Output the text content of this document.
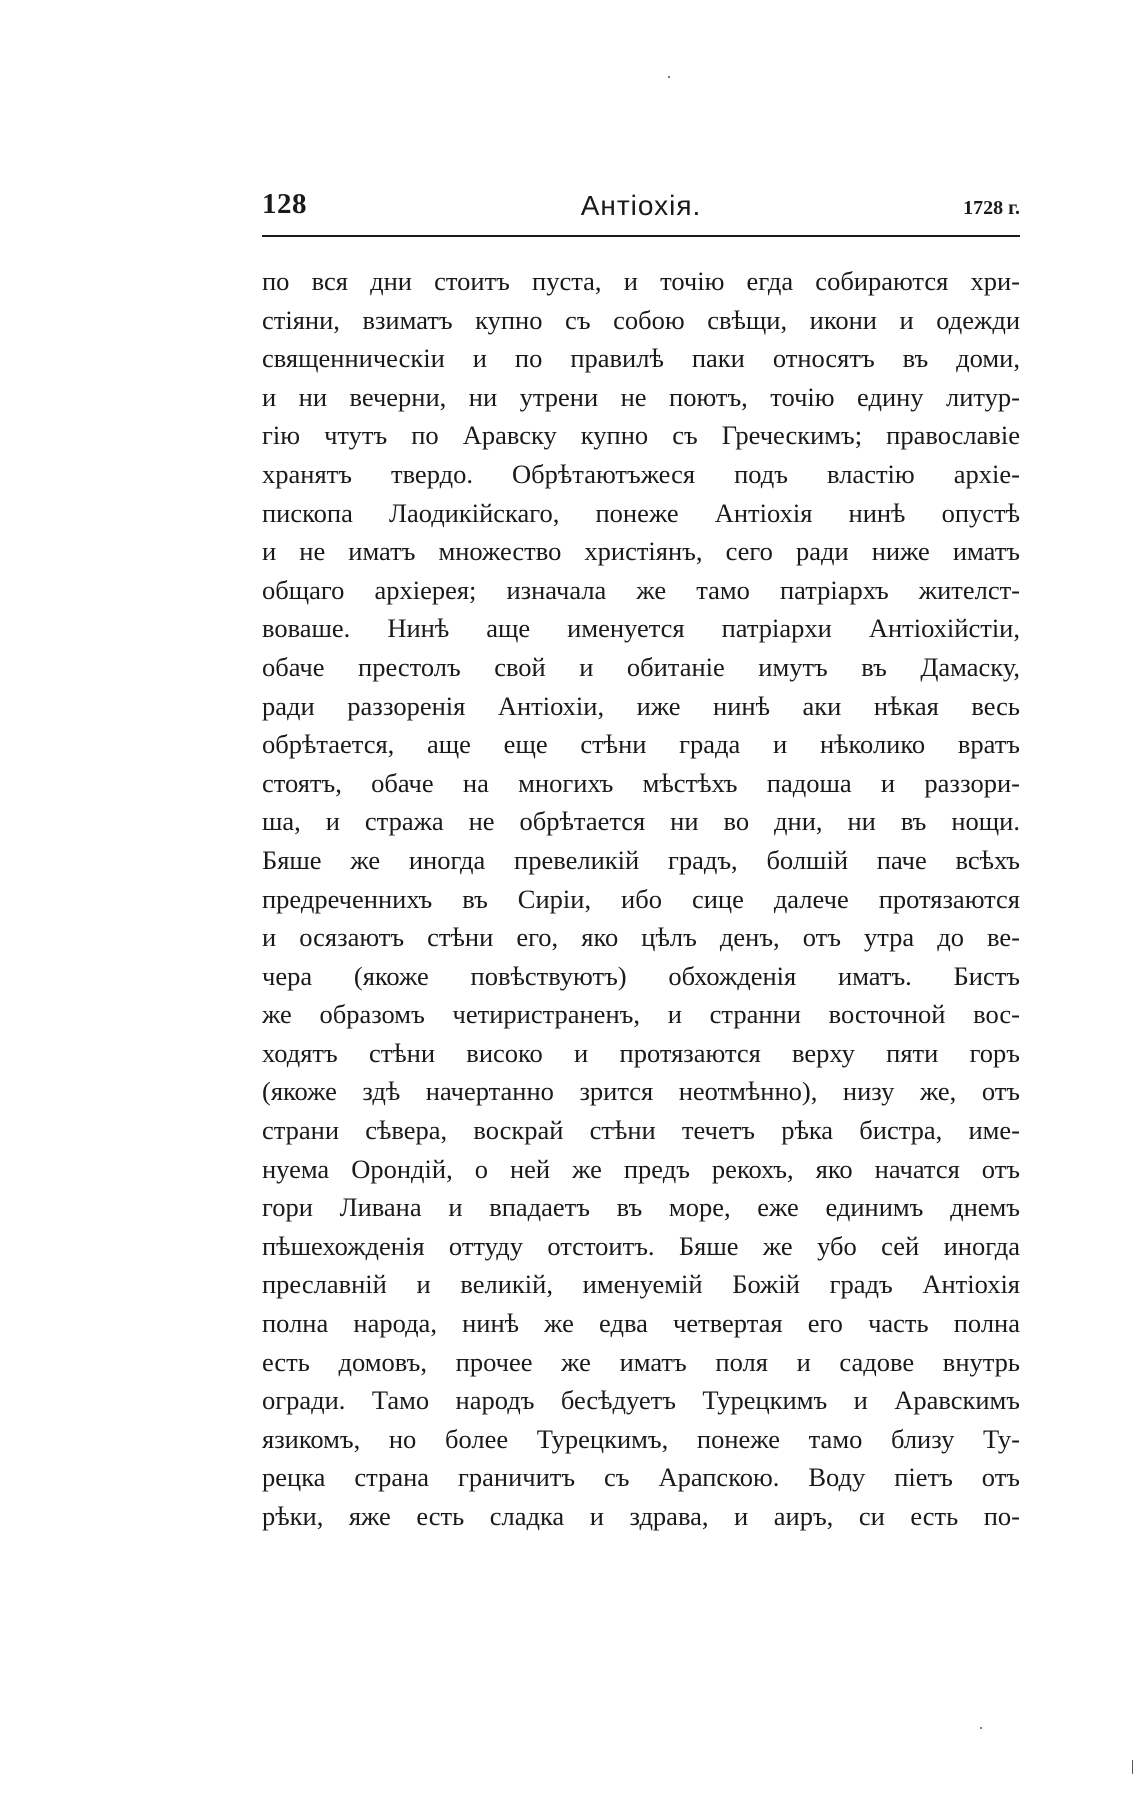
128	Антіохія.	1728 г.
по вся дни стоитъ пуста, и точію егда собираются хри-
стіяни, взиматъ купно съ собою свѣщи, икони и одежди
священническіи и по правилѣ паки относятъ въ доми,
и ни вечерни, ни утрени не поютъ, точію едину литур-
гію чтутъ по Аравску купно съ Греческимъ; православіе
хранятъ твердо. Обрѣтаютъжеся подъ властію архіе-
пископа Лаодикійскаго, понеже Антіохія нинѣ опустѣ
и не иматъ множество христіянъ, сего ради ниже иматъ
общаго архіерея; изначала же тамо патріархъ жителст-
воваше. Нинѣ аще именуется патріархи Антіохійстіи,
обаче престолъ свой и обитаніе имутъ въ Дамаску,
ради раззоренія Антіохіи, иже нинѣ аки нѣкая весь
обрѣтается, аще еще стѣни града и нѣколико вратъ
стоятъ, обаче на многихъ мѣстѣхъ падоша и раззори-
ша, и стража не обрѣтается ни во дни, ни въ нощи.
Бяше же иногда превеликій градъ, болшій паче всѣхъ
предреченнихъ въ Сиріи, ибо сице далече протязаются
и осязаютъ стѣни его, яко цѣлъ денъ, отъ утра до ве-
чера (якоже повѣствуютъ) обхожденія иматъ. Бистъ
же образомъ четиристраненъ, и странни восточной вос-
ходятъ стѣни високо и протязаются верху пяти горъ
(якоже здѣ начертанно зрится неотмѣнно), низу же, отъ
страни сѣвера, воскрай стѣни течетъ рѣка бистра, име-
нуема Орондій, о ней же предъ рекохъ, яко начатся отъ
гори Ливана и впадаетъ въ море, еже единимъ днемъ
пѣшехожденія оттуду отстоитъ. Бяше же убо сей иногда
преславній и великій, именуемій Божій градъ Антіохія
полна народа, нинѣ же едва четвертая его часть полна
есть домовъ, прочее же иматъ поля и садове внутрь
огради. Тамо народъ бесѣдуетъ Турецкимъ и Аравскимъ
язикомъ, но более Турецкимъ, понеже тамо близу Ту-
рецка страна граничитъ съ Арапскою. Воду піетъ отъ
рѣки, яже есть сладка и здрава, и аиръ, си есть по-
